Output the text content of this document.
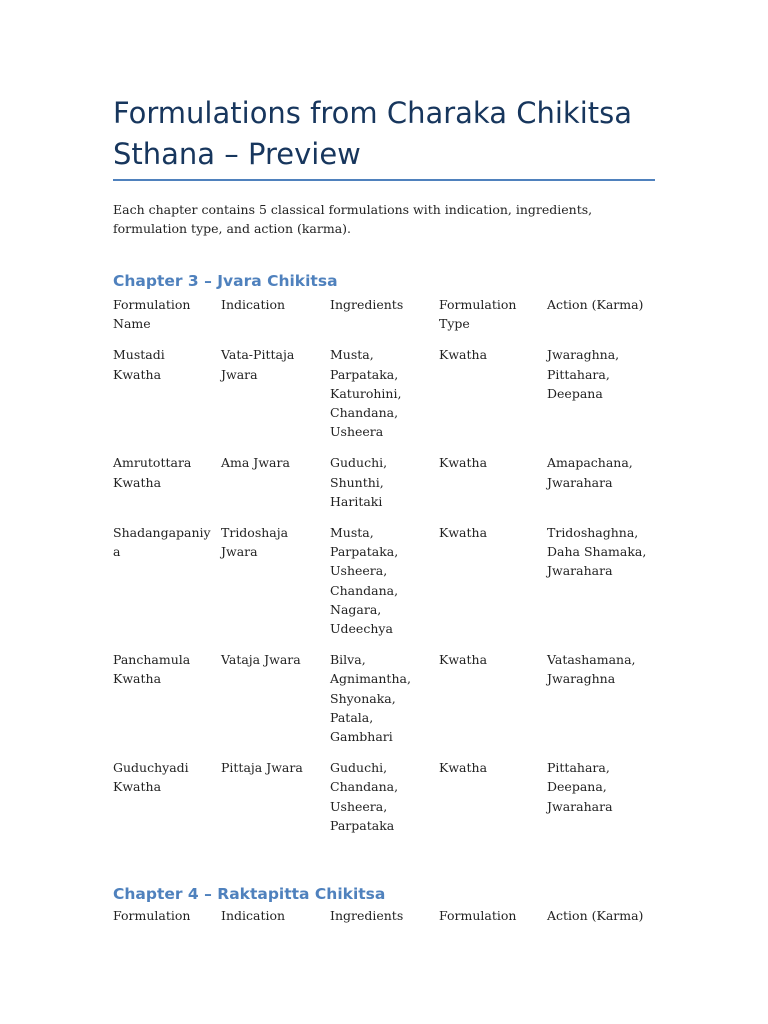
Formulations from Charaka Chikitsa Sthana – Preview

Each chapter contains 5 classical formulations with indication, ingredients, formulation type, and action (karma).

Chapter 3 – Jvara Chikitsa
Formulation Name	Indication	Ingredients	Formulation Type	Action (Karma)

Mustadi Kwatha	Vata-Pittaja Jwara	Musta, Parpataka, Katurohini, Chandana, Usheera	Kwatha	Jwaraghna, Pittahara, Deepana

Amrutottara Kwatha	Ama Jwara	Guduchi, Shunthi, Haritaki	Kwatha	Amapachana, Jwarahara

Shadangapaniya	Tridoshaja Jwara	Musta, Parpataka, Usheera, Chandana, Nagara, Udeechya	Kwatha	Tridoshaghna, Daha Shamaka, Jwarahara

Panchamula Kwatha	Vataja Jwara	Bilva, Agnimantha, Shyonaka, Patala, Gambhari	Kwatha	Vatashamana, Jwaraghna

Guduchyadi Kwatha	Pittaja Jwara	Guduchi, Chandana, Usheera, Parpataka	Kwatha	Pittahara, Deepana, Jwarahara
Chapter 4 – Raktapitta Chikitsa
Formulation	Indication	Ingredients	Formulation	Action (Karma)
